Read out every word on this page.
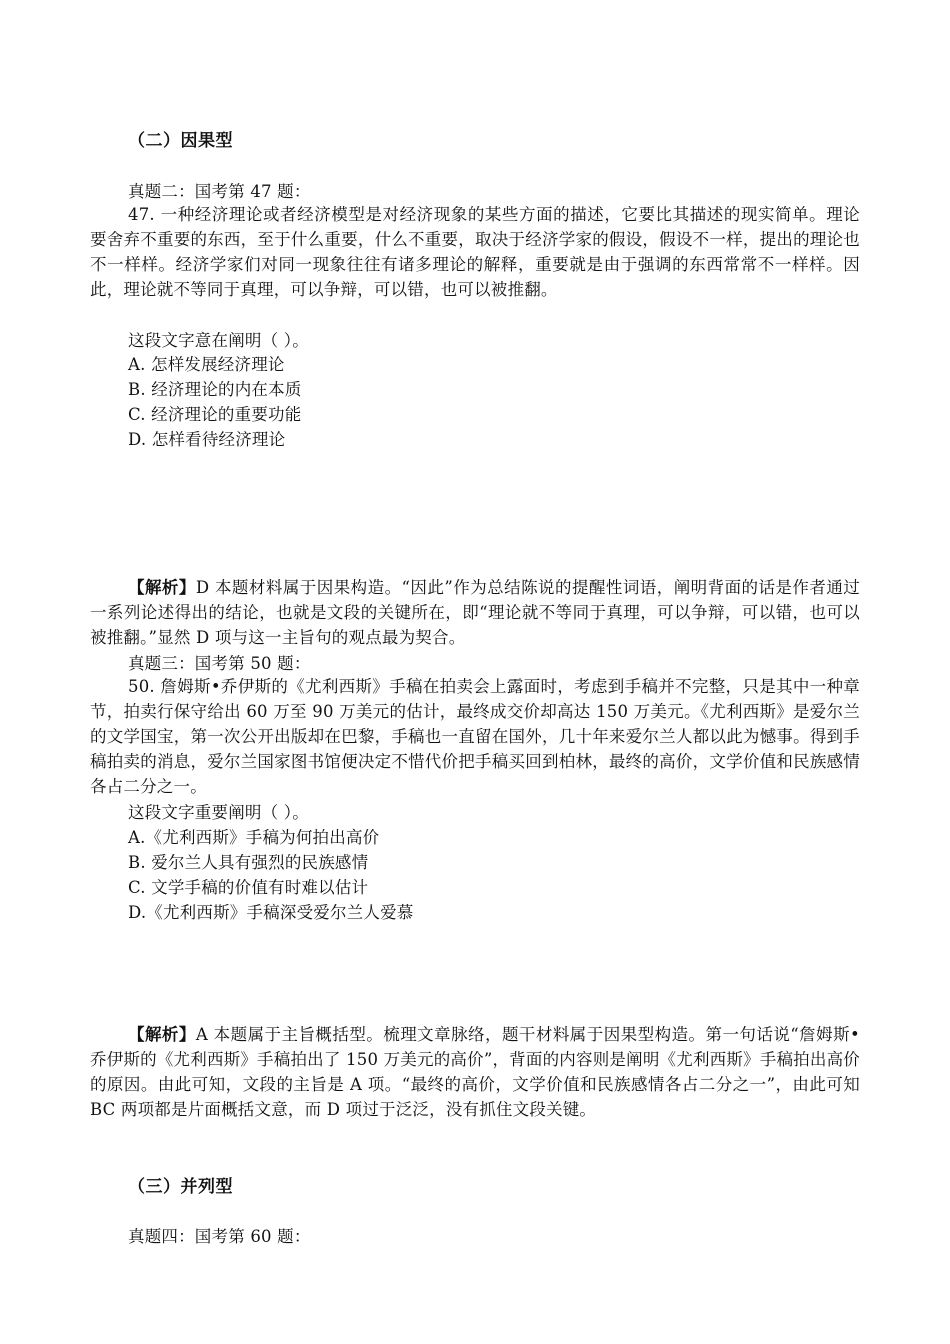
（二）因果型
真题二：国考第 47 题：
47. 一种经济理论或者经济模型是对经济现象的某些方面的描述，它要比其描述的现实简单。理论要舍弃不重要的东西，至于什么重要，什么不重要，取决于经济学家的假设，假设不一样，提出的理论也不一样样。经济学家们对同一现象往往有诸多理论的解释，重要就是由于强调的东西常常不一样样。因此，理论就不等同于真理，可以争辩，可以错，也可以被推翻。
这段文字意在阐明（ ）。
A. 怎样发展经济理论
B. 经济理论的内在本质
C. 经济理论的重要功能
D. 怎样看待经济理论
【解析】D 本题材料属于因果构造。“因此”作为总结陈说的提醒性词语，阐明背面的话是作者通过一系列论述得出的结论，也就是文段的关键所在，即“理论就不等同于真理，可以争辩，可以错，也可以被推翻。”显然 D 项与这一主旨句的观点最为契合。
真题三：国考第 50 题：
50. 詹姆斯•乔伊斯的《尤利西斯》手稿在拍卖会上露面时，考虑到手稿并不完整，只是其中一种章节，拍卖行保守给出 60 万至 90 万美元的估计，最终成交价却高达 150 万美元。《尤利西斯》是爱尔兰的文学国宝，第一次公开出版却在巴黎，手稿也一直留在国外，几十年来爱尔兰人都以此为憾事。得到手稿拍卖的消息，爱尔兰国家图书馆便决定不惜代价把手稿买回到柏林，最终的高价，文学价值和民族感情各占二分之一。
这段文字重要阐明（ ）。
A.《尤利西斯》手稿为何拍出高价
B. 爱尔兰人具有强烈的民族感情
C. 文学手稿的价值有时难以估计
D.《尤利西斯》手稿深受爱尔兰人爱慕
【解析】A 本题属于主旨概括型。梳理文章脉络，题干材料属于因果型构造。第一句话说“詹姆斯•乔伊斯的《尤利西斯》手稿拍出了 150 万美元的高价”，背面的内容则是阐明《尤利西斯》手稿拍出高价的原因。由此可知，文段的主旨是 A 项。“最终的高价，文学价值和民族感情各占二分之一”，由此可知 BC 两项都是片面概括文意，而 D 项过于泛泛，没有抓住文段关键。
（三）并列型
真题四：国考第 60 题：
